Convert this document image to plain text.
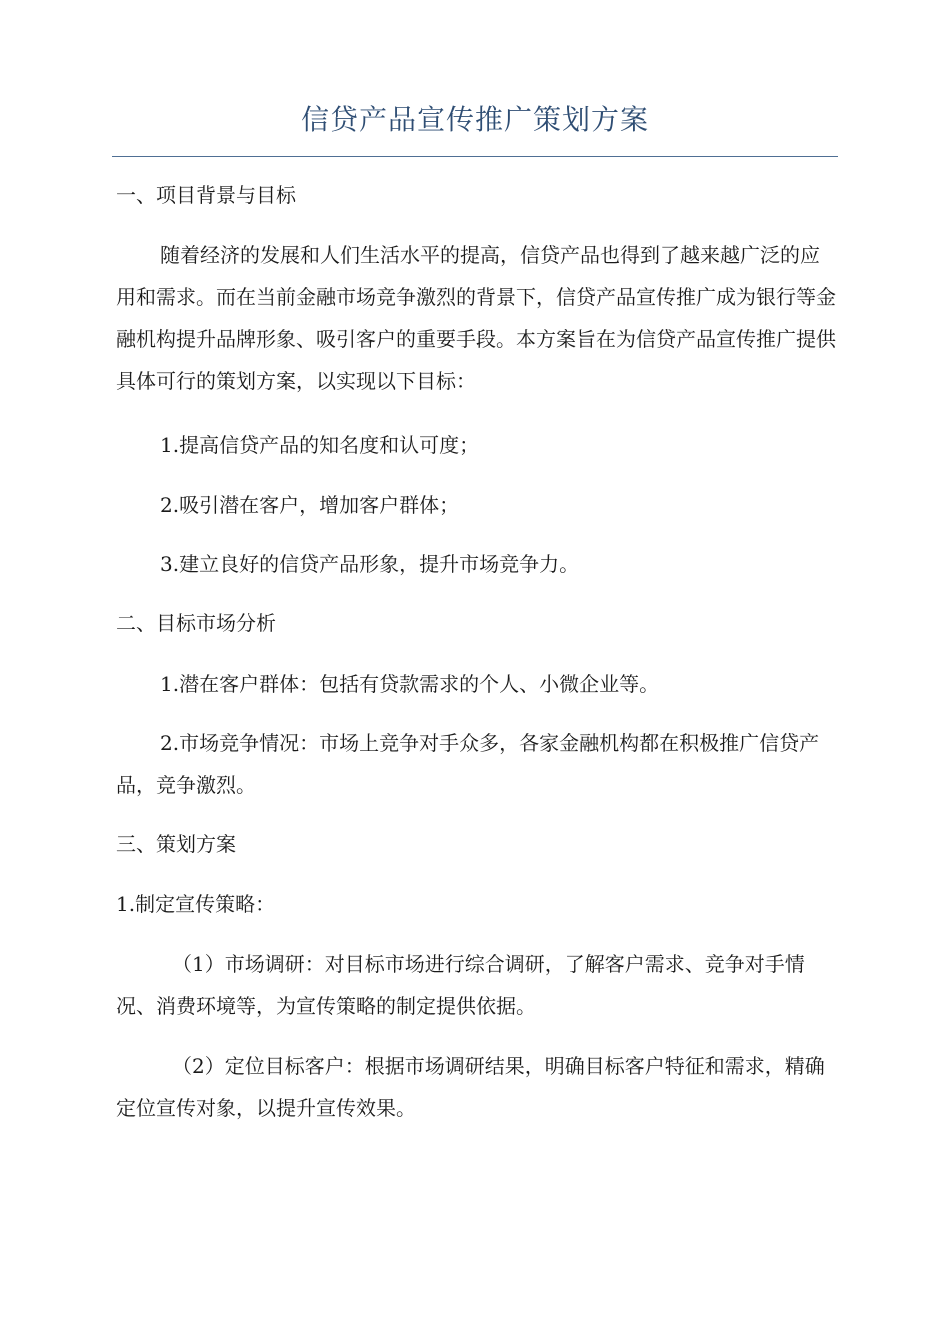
信贷产品宣传推广策划方案

一、项目背景与目标

随着经济的发展和人们生活水平的提高，信贷产品也得到了越来越广泛的应用和需求。而在当前金融市场竞争激烈的背景下，信贷产品宣传推广成为银行等金融机构提升品牌形象、吸引客户的重要手段。本方案旨在为信贷产品宣传推广提供具体可行的策划方案，以实现以下目标：

1.提高信贷产品的知名度和认可度；

2.吸引潜在客户，增加客户群体；

3.建立良好的信贷产品形象，提升市场竞争力。

二、目标市场分析

1.潜在客户群体：包括有贷款需求的个人、小微企业等。

2.市场竞争情况：市场上竞争对手众多，各家金融机构都在积极推广信贷产品，竞争激烈。

三、策划方案

1.制定宣传策略：

（1）市场调研：对目标市场进行综合调研，了解客户需求、竞争对手情况、消费环境等，为宣传策略的制定提供依据。

（2）定位目标客户：根据市场调研结果，明确目标客户特征和需求，精确定位宣传对象，以提升宣传效果。
